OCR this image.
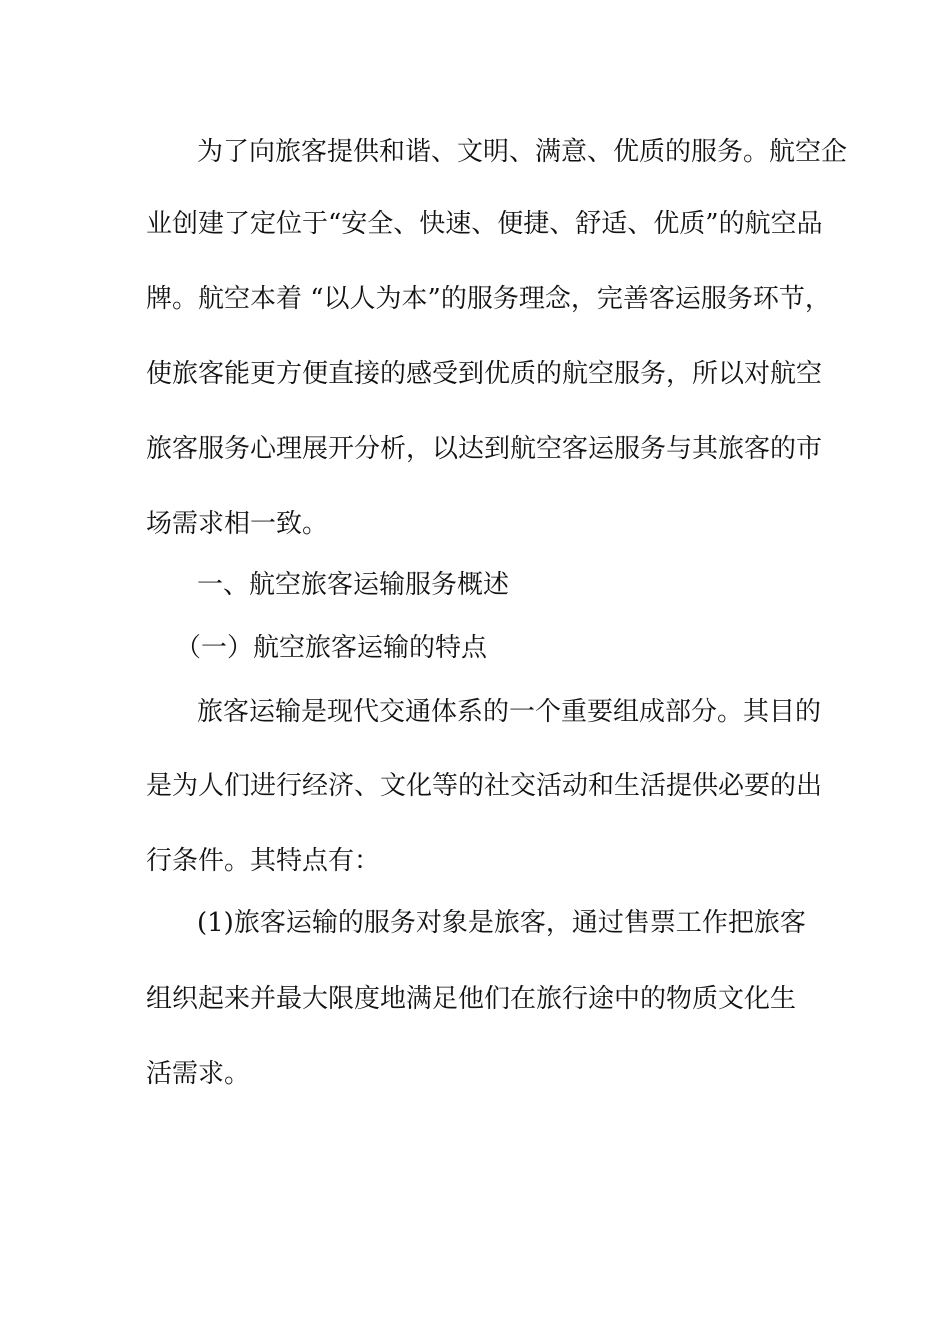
为了向旅客提供和谐、文明、满意、优质的服务。航空企
业创建了定位于“安全、快速、便捷、舒适、优质”的航空品
牌。航空本着 “以人为本”的服务理念，完善客运服务环节，
使旅客能更方便直接的感受到优质的航空服务，所以对航空
旅客服务心理展开分析，以达到航空客运服务与其旅客的市
场需求相一致。
一、航空旅客运输服务概述
（一）航空旅客运输的特点
旅客运输是现代交通体系的一个重要组成部分。其目的
是为人们进行经济、文化等的社交活动和生活提供必要的出
行条件。其特点有：
(1)旅客运输的服务对象是旅客，通过售票工作把旅客
组织起来并最大限度地满足他们在旅行途中的物质文化生
活需求。
